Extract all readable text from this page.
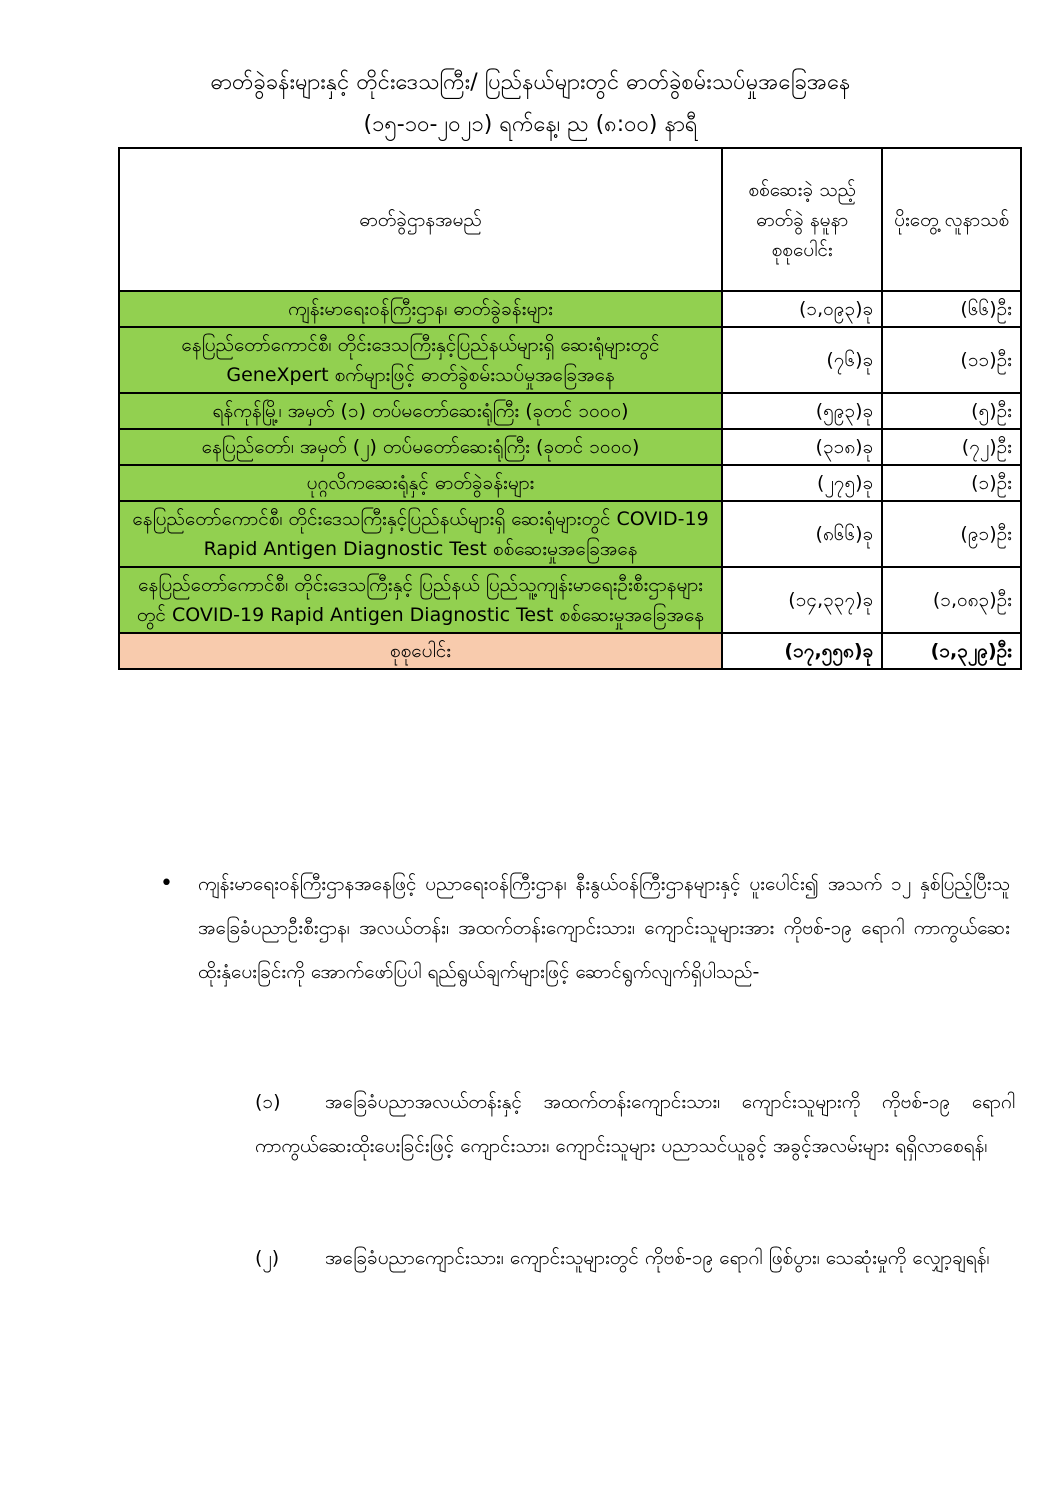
ဓာတ်ခွဲခန်းများနှင့် တိုင်းဒေသကြီး/ ပြည်နယ်များတွင် ဓာတ်ခွဲစမ်းသပ်မှုအခြေအနေ
(၁၅-၁၀-၂၀၂၁) ရက်နေ့၊ ည (၈:၀၀) နာရီ
ဓာတ်ခွဲဌာနအမည်	စစ်ဆေးခဲ့ သည့် ဓာတ်ခွဲ နမူနာ စုစုပေါင်း	ပိုးတွေ့ လူနာသစ်
ကျန်းမာရေးဝန်ကြီးဌာန၊ ဓာတ်ခွဲခန်းများ	(၁,၀၉၃)ခု	(၆၆)ဦး
နေပြည်တော်ကောင်စီ၊ တိုင်းဒေသကြီးနှင့်ပြည်နယ်များရှိ ဆေးရုံများတွင် GeneXpert စက်များဖြင့် ဓာတ်ခွဲစမ်းသပ်မှုအခြေအနေ	(၇၆)ခု	(၁၁)ဦး
ရန်ကုန်မြို့၊ အမှတ် (၁) တပ်မတော်ဆေးရုံကြီး (ခုတင် ၁၀၀၀)	(၅၉၃)ခု	(၅)ဦး
နေပြည်တော်၊ အမှတ် (၂) တပ်မတော်ဆေးရုံကြီး (ခုတင် ၁၀၀၀)	(၃၁၈)ခု	(၇၂)ဦး
ပုဂ္ဂလိကဆေးရုံနှင့် ဓာတ်ခွဲခန်းများ	(၂၇၅)ခု	(၁)ဦး
နေပြည်တော်ကောင်စီ၊ တိုင်းဒေသကြီးနှင့်ပြည်နယ်များရှိ ဆေးရုံများတွင် COVID-19 Rapid Antigen Diagnostic Test စစ်ဆေးမှုအခြေအနေ	(၈၆၆)ခု	(၉၁)ဦး
နေပြည်တော်ကောင်စီ၊ တိုင်းဒေသကြီးနှင့် ပြည်နယ် ပြည်သူ့ကျန်းမာရေးဦးစီးဌာနများတွင် COVID-19 Rapid Antigen Diagnostic Test စစ်ဆေးမှုအခြေအနေ	(၁၄,၃၃၇)ခု	(၁,၀၈၃)ဦး
စုစုပေါင်း	(၁၇,၅၅၈)ခု	(၁,၃၂၉)ဦး
• ကျန်းမာရေးဝန်ကြီးဌာနအနေဖြင့် ပညာရေးဝန်ကြီးဌာန၊ နီးနွယ်ဝန်ကြီးဌာနများနှင့် ပူးပေါင်း၍ အသက် ၁၂ နှစ်ပြည့်ပြီးသူ အခြေခံပညာဦးစီးဌာန၊ အလယ်တန်း၊ အထက်တန်းကျောင်းသား၊ ကျောင်းသူများအား ကိုဗစ်-၁၉ ရောဂါ ကာကွယ်ဆေး ထိုးနှံပေးခြင်းကို အောက်ဖော်ပြပါ ရည်ရွယ်ချက်များဖြင့် ဆောင်ရွက်လျက်ရှိပါသည်-
(၁) အခြေခံပညာအလယ်တန်းနှင့် အထက်တန်းကျောင်းသား၊ ကျောင်းသူများကို ကိုဗစ်-၁၉ ရောဂါ ကာကွယ်ဆေးထိုးပေးခြင်းဖြင့် ကျောင်းသား၊ ကျောင်းသူများ ပညာသင်ယူခွင့် အခွင့်အလမ်းများ ရရှိလာစေရန်၊
(၂) အခြေခံပညာကျောင်းသား၊ ကျောင်းသူများတွင် ကိုဗစ်-၁၉ ရောဂါ ဖြစ်ပွား၊ သေဆုံးမှုကို လျှော့ချရန်၊
